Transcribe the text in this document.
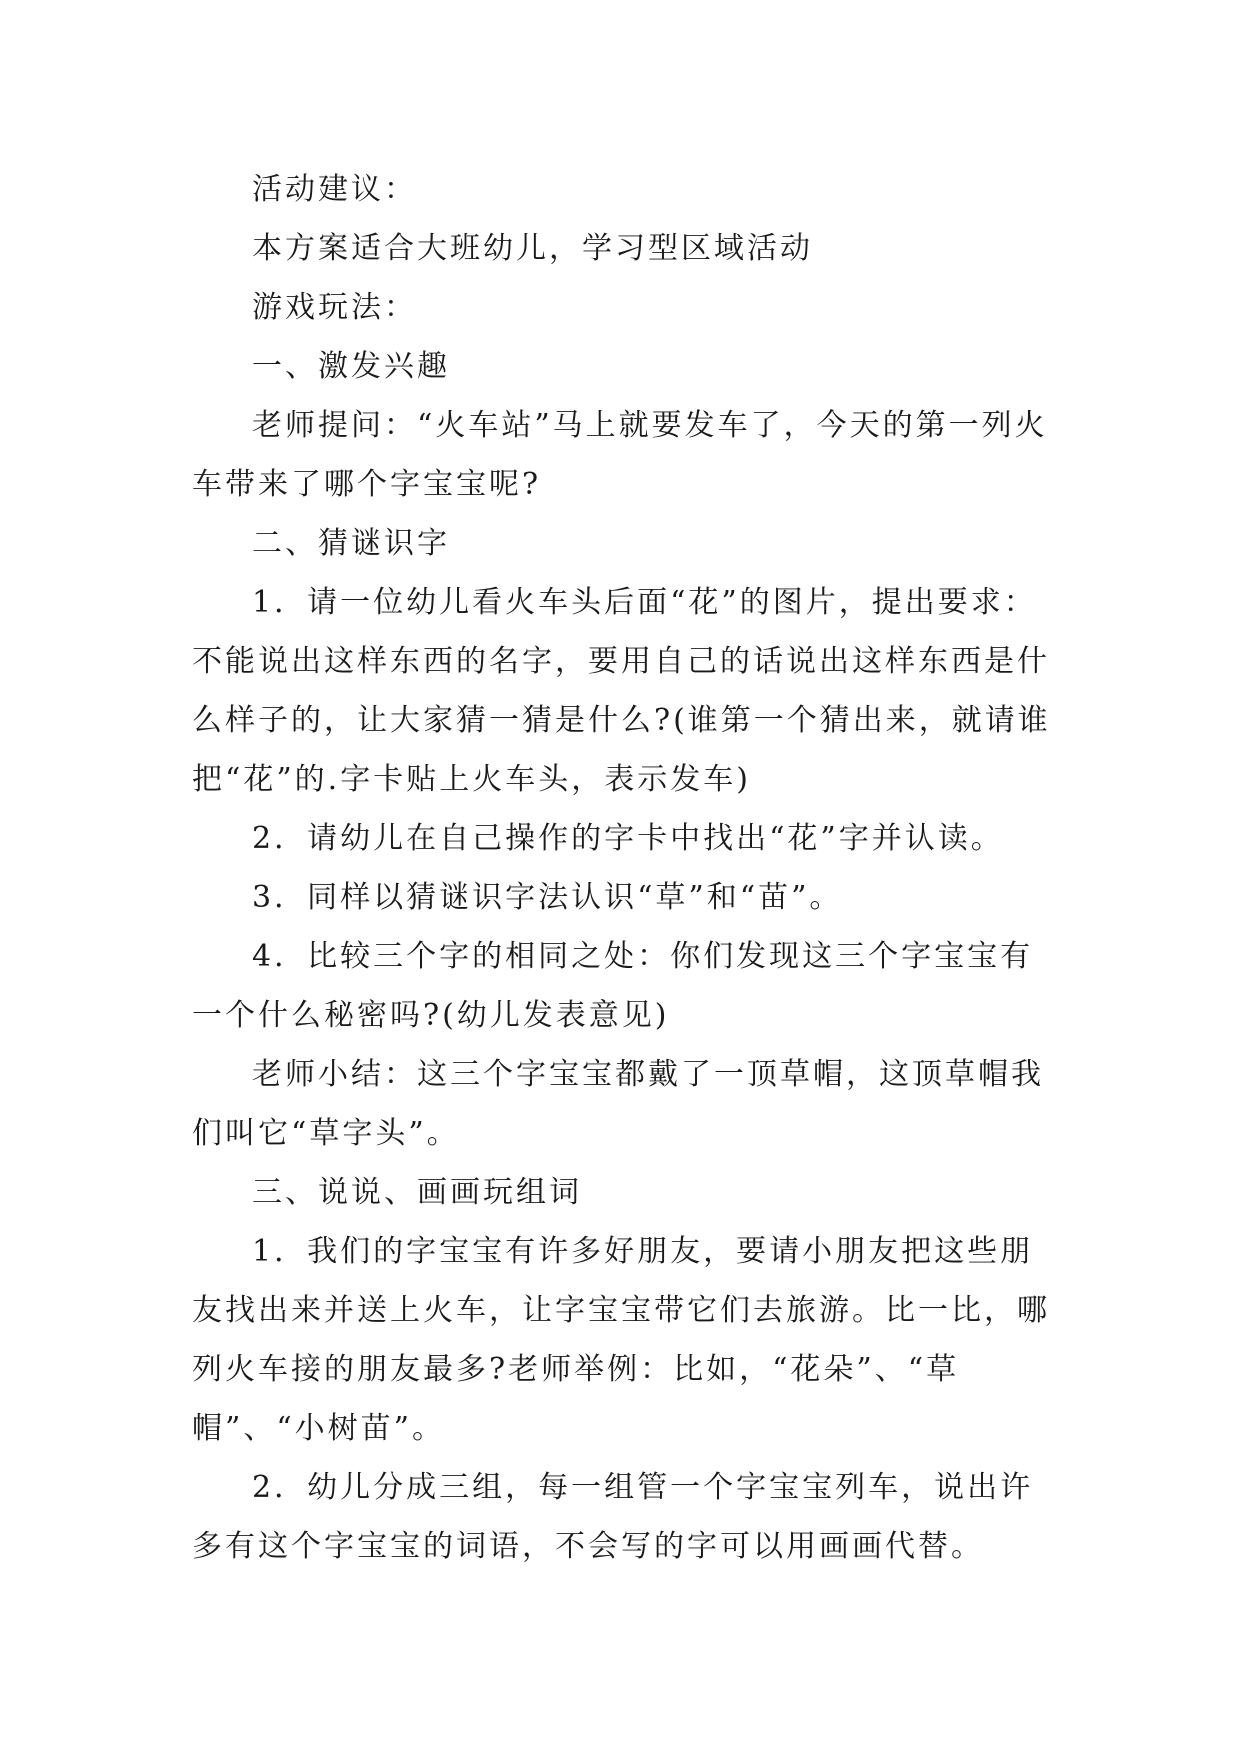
活动建议：

本方案适合大班幼儿，学习型区域活动

游戏玩法：

一、激发兴趣

老师提问：“火车站”马上就要发车了，今天的第一列火车带来了哪个字宝宝呢?

二、猜谜识字

1．请一位幼儿看火车头后面“花”的图片，提出要求：不能说出这样东西的名字，要用自己的话说出这样东西是什么样子的，让大家猜一猜是什么?(谁第一个猜出来，就请谁把“花”的.字卡贴上火车头，表示发车)

2．请幼儿在自己操作的字卡中找出“花”字并认读。

3．同样以猜谜识字法认识“草”和“苗”。

4．比较三个字的相同之处：你们发现这三个字宝宝有一个什么秘密吗?(幼儿发表意见)

老师小结：这三个字宝宝都戴了一顶草帽，这顶草帽我们叫它“草字头”。

三、说说、画画玩组词

1．我们的字宝宝有许多好朋友，要请小朋友把这些朋友找出来并送上火车，让字宝宝带它们去旅游。比一比，哪列火车接的朋友最多?老师举例：比如，“花朵”、“草帽”、“小树苗”。

2．幼儿分成三组，每一组管一个字宝宝列车，说出许多有这个字宝宝的词语，不会写的字可以用画画代替。
